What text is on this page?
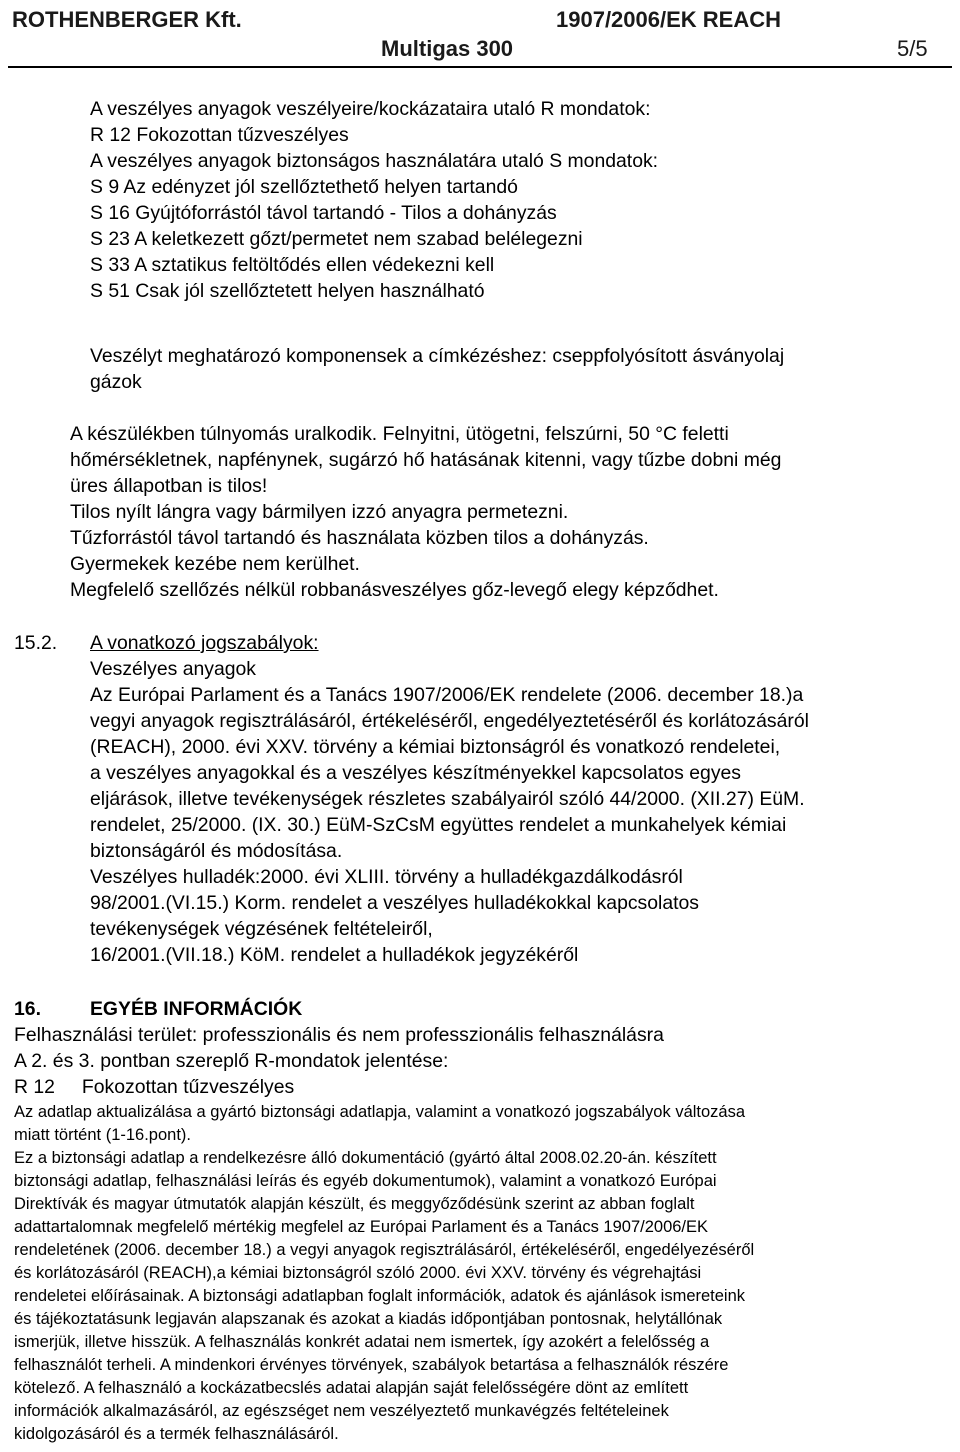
ROTHENBERGER Kft.	1907/2006/EK REACH
Multigas 300	5/5
A veszélyes anyagok veszélyeire/kockázataira utaló R mondatok:
R 12 Fokozottan tűzveszélyes
A veszélyes anyagok biztonságos használatára utaló S mondatok:
S 9 Az edényzet jól szellőztethető helyen tartandó
S 16 Gyújtóforrástól távol tartandó - Tilos a dohányzás
S 23 A keletkezett gőzt/permetet nem szabad belélegezni
S 33 A sztatikus feltöltődés ellen védekezni kell
S 51 Csak jól szellőztetett helyen használható
Veszélyt meghatározó komponensek a címkézéshez: cseppfolyósított ásványolaj
gázok
A készülékben túlnyomás uralkodik. Felnyitni, ütögetni, felszúrni, 50 °C feletti
hőmérsékletnek, napfénynek, sugárzó hő hatásának kitenni, vagy tűzbe dobni még
üres állapotban is tilos!
Tilos nyílt lángra vagy bármilyen izzó anyagra permetezni.
Tűzforrástól távol tartandó és használata közben tilos a dohányzás.
Gyermekek kezébe nem kerülhet.
Megfelelő szellőzés nélkül robbanásveszélyes gőz-levegő elegy képződhet.
15.2. A vonatkozó jogszabályok:
Veszélyes anyagok
Az Európai Parlament és a Tanács 1907/2006/EK rendelete (2006. december 18.)a
vegyi anyagok regisztrálásáról, értékeléséről, engedélyeztetéséről és korlátozásáról
(REACH), 2000. évi XXV. törvény a kémiai biztonságról és vonatkozó rendeletei,
a veszélyes anyagokkal és a veszélyes készítményekkel kapcsolatos egyes
eljárások, illetve tevékenységek részletes szabályairól szóló 44/2000. (XII.27) EüM.
rendelet, 25/2000. (IX. 30.) EüM-SzCsM együttes rendelet a munkahelyek kémiai
biztonságáról és módosítása.
Veszélyes hulladék:2000. évi XLIII. törvény a hulladékgazdálkodásról
98/2001.(VI.15.) Korm. rendelet a veszélyes hulladékokkal kapcsolatos
tevékenységek végzésének feltételeiről,
16/2001.(VII.18.) KöM. rendelet a hulladékok jegyzékéről
16.	EGYÉB INFORMÁCIÓK
Felhasználási terület: professzionális és nem professzionális felhasználásra
A 2. és 3. pontban szereplő R-mondatok jelentése:
R 12     Fokozottan tűzveszélyes
Az adatlap aktualizálása a gyártó biztonsági adatlapja, valamint a vonatkozó jogszabályok változása
miatt történt (1-16.pont).
Ez a biztonsági adatlap a rendelkezésre álló dokumentáció (gyártó által 2008.02.20-án. készített
biztonsági adatlap, felhasználási leírás és egyéb dokumentumok), valamint a vonatkozó Európai
Direktívák és magyar útmutatók alapján készült, és meggyőződésünk szerint az abban foglalt
adattartalomnak megfelelő mértékig megfelel az Európai Parlament és a Tanács 1907/2006/EK
rendeletének (2006. december 18.) a vegyi anyagok regisztrálásáról, értékeléséről, engedélyezéséről
és korlátozásáról (REACH),a kémiai biztonságról szóló 2000. évi XXV. törvény és végrehajtási
rendeletei előírásainak. A biztonsági adatlapban foglalt információk, adatok és ajánlások ismereteink
és tájékoztatásunk legjaván alapszanak és azokat a kiadás időpontjában pontosnak, helytállónak
ismerjük, illetve hisszük. A felhasználás konkrét adatai nem ismertek, így azokért a felelősség a
felhasználót terheli. A mindenkori érvényes törvények, szabályok betartása a felhasználók részére
kötelező. A felhasználó a kockázatbecslés adatai alapján saját felelősségére dönt az említett
információk alkalmazásáról, az egészséget nem veszélyeztető munkavégzés feltételeinek
kidolgozásáról és a termék felhasználásáról.
